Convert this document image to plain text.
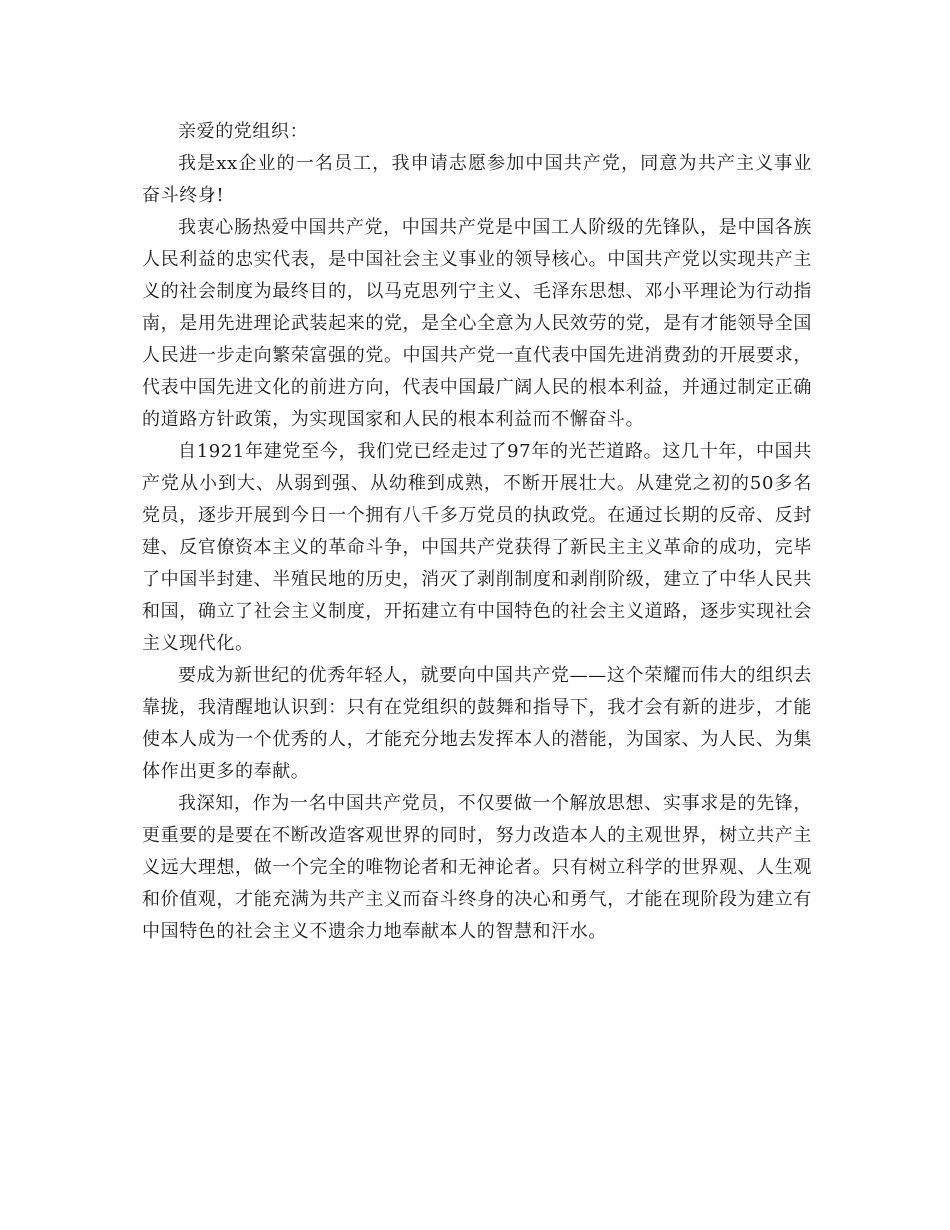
亲爱的党组织：

我是xx企业的一名员工，我申请志愿参加中国共产党，同意为共产主义事业奋斗终身!

我衷心肠热爱中国共产党，中国共产党是中国工人阶级的先锋队，是中国各族人民利益的忠实代表，是中国社会主义事业的领导核心。中国共产党以实现共产主义的社会制度为最终目的，以马克思列宁主义、毛泽东思想、邓小平理论为行动指南，是用先进理论武装起来的党，是全心全意为人民效劳的党，是有才能领导全国人民进一步走向繁荣富强的党。中国共产党一直代表中国先进消费劲的开展要求，代表中国先进文化的前进方向，代表中国最广阔人民的根本利益，并通过制定正确的道路方针政策，为实现国家和人民的根本利益而不懈奋斗。

自1921年建党至今，我们党已经走过了97年的光芒道路。这几十年，中国共产党从小到大、从弱到强、从幼稚到成熟，不断开展壮大。从建党之初的50多名党员，逐步开展到今日一个拥有八千多万党员的执政党。在通过长期的反帝、反封建、反官僚资本主义的革命斗争，中国共产党获得了新民主主义革命的成功，完毕了中国半封建、半殖民地的历史，消灭了剥削制度和剥削阶级，建立了中华人民共和国，确立了社会主义制度，开拓建立有中国特色的社会主义道路，逐步实现社会主义现代化。

要成为新世纪的优秀年轻人，就要向中国共产党——这个荣耀而伟大的组织去靠拢，我清醒地认识到：只有在党组织的鼓舞和指导下，我才会有新的进步，才能使本人成为一个优秀的人，才能充分地去发挥本人的潜能，为国家、为人民、为集体作出更多的奉献。

我深知，作为一名中国共产党员，不仅要做一个解放思想、实事求是的先锋，更重要的是要在不断改造客观世界的同时，努力改造本人的主观世界，树立共产主义远大理想，做一个完全的唯物论者和无神论者。只有树立科学的世界观、人生观和价值观，才能充满为共产主义而奋斗终身的决心和勇气，才能在现阶段为建立有中国特色的社会主义不遗余力地奉献本人的智慧和汗水。
